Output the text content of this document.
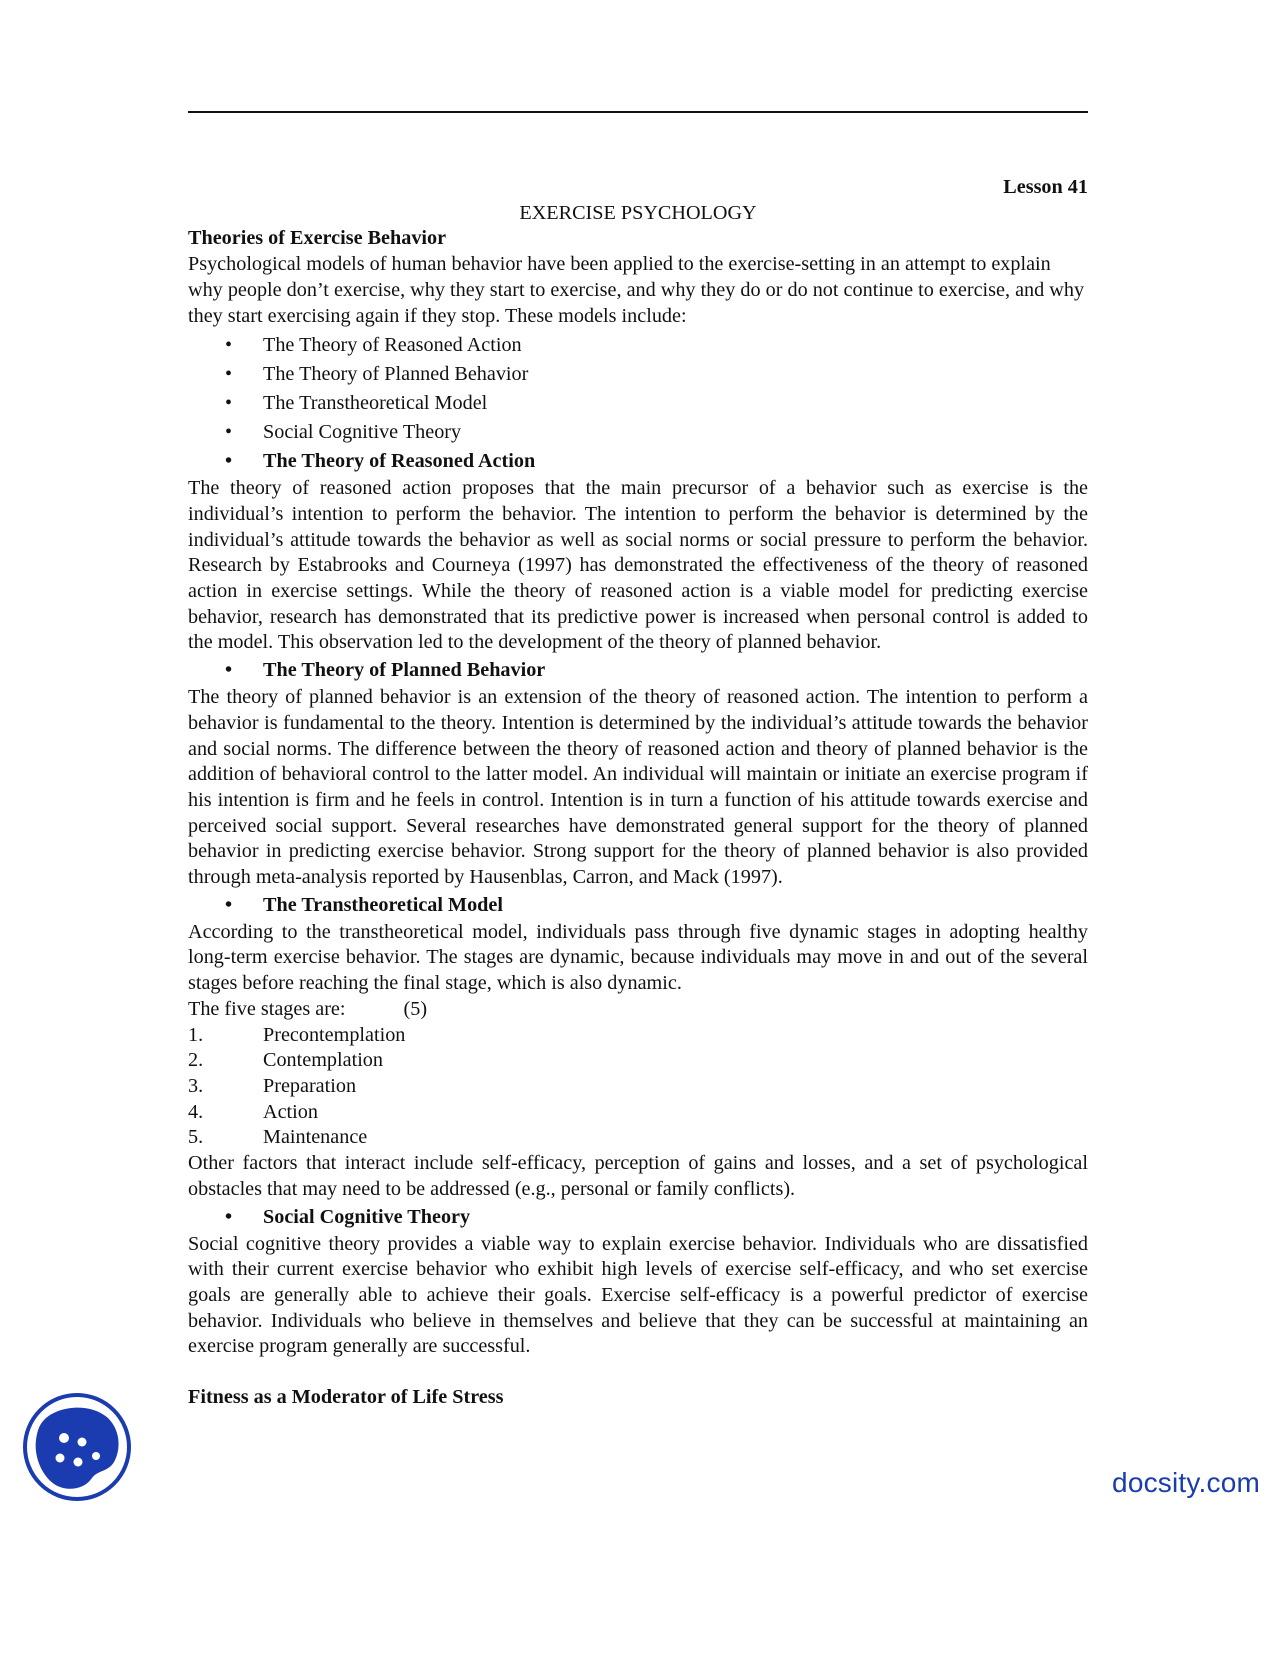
Lesson 41
EXERCISE PSYCHOLOGY
Theories of Exercise Behavior

Psychological models of human behavior have been applied to the exercise-setting in an attempt to explain why people don’t exercise, why they start to exercise, and why they do or do not continue to exercise, and why they start exercising again if they stop. These models include:

• The Theory of Reasoned Action
• The Theory of Planned Behavior
• The Transtheoretical Model
• Social Cognitive Theory
• The Theory of Reasoned Action

The theory of reasoned action proposes that the main precursor of a behavior such as exercise is the individual’s intention to perform the behavior. The intention to perform the behavior is determined by the individual’s attitude towards the behavior as well as social norms or social pressure to perform the behavior. Research by Estabrooks and Courneya (1997) has demonstrated the effectiveness of the theory of reasoned action in exercise settings. While the theory of reasoned action is a viable model for predicting exercise behavior, research has demonstrated that its predictive power is increased when personal control is added to the model. This observation led to the development of the theory of planned behavior.

• The Theory of Planned Behavior

The theory of planned behavior is an extension of the theory of reasoned action. The intention to perform a behavior is fundamental to the theory. Intention is determined by the individual’s attitude towards the behavior and social norms. The difference between the theory of reasoned action and theory of planned behavior is the addition of behavioral control to the latter model. An individual will maintain or initiate an exercise program if his intention is firm and he feels in control. Intention is in turn a function of his attitude towards exercise and perceived social support. Several researches have demonstrated general support for the theory of planned behavior in predicting exercise behavior. Strong support for the theory of planned behavior is also provided through meta-analysis reported by Hausenblas, Carron, and Mack (1997).

• The Transtheoretical Model

According to the transtheoretical model, individuals pass through five dynamic stages in adopting healthy long-term exercise behavior. The stages are dynamic, because individuals may move in and out of the several stages before reaching the final stage, which is also dynamic.

The five stages are:	(5)
1.	Precontemplation
2.	Contemplation
3.	Preparation
4.	Action
5.	Maintenance

Other factors that interact include self-efficacy, perception of gains and losses, and a set of psychological obstacles that may need to be addressed (e.g., personal or family conflicts).

• Social Cognitive Theory

Social cognitive theory provides a viable way to explain exercise behavior. Individuals who are dissatisfied with their current exercise behavior who exhibit high levels of exercise self-efficacy, and who set exercise goals are generally able to achieve their goals. Exercise self-efficacy is a powerful predictor of exercise behavior. Individuals who believe in themselves and believe that they can be successful at maintaining an exercise program generally are successful.

Fitness as a Moderator of Life Stress
docsity.com
